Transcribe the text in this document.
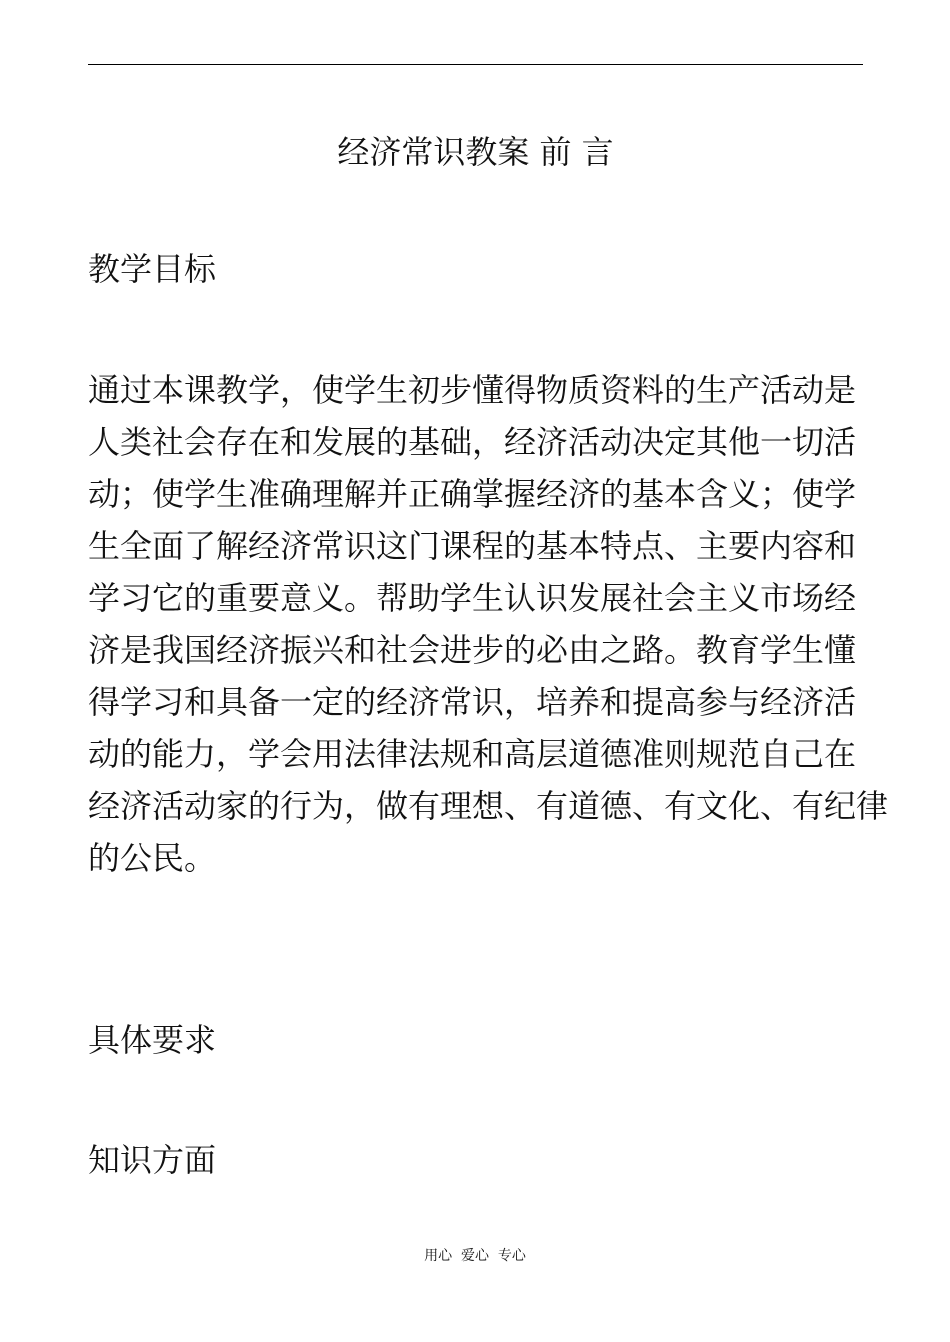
经济常识教案 前 言
教学目标
通过本课教学，使学生初步懂得物质资料的生产活动是
人类社会存在和发展的基础，经济活动决定其他一切活
动；使学生准确理解并正确掌握经济的基本含义；使学
生全面了解经济常识这门课程的基本特点、主要内容和
学习它的重要意义。帮助学生认识发展社会主义市场经
济是我国经济振兴和社会进步的必由之路。教育学生懂
得学习和具备一定的经济常识，培养和提高参与经济活
动的能力，学会用法律法规和高层道德准则规范自己在
经济活动家的行为，做有理想、有道德、有文化、有纪律
的公民。
具体要求
知识方面
用心  爱心  专心
